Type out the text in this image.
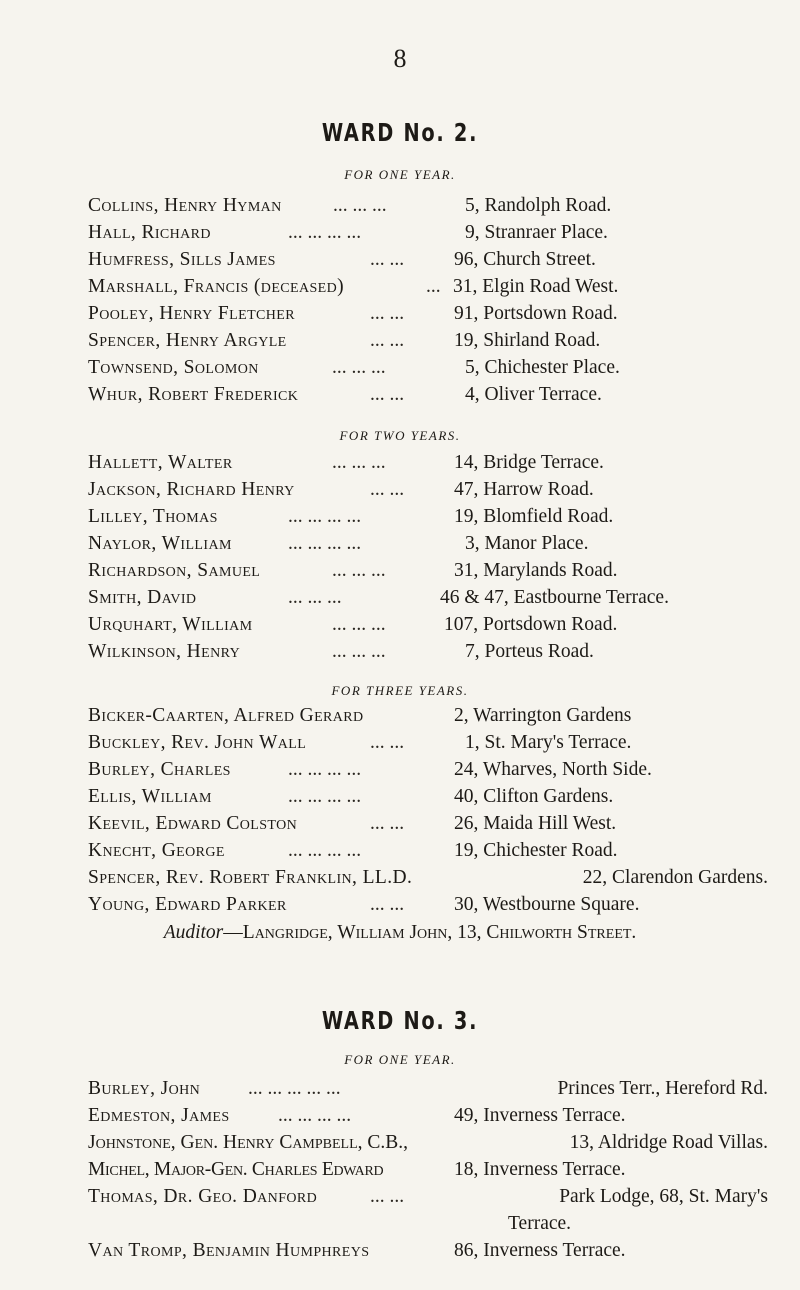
8
WARD No. 2.
FOR ONE YEAR.
Collins, Henry Hyman	... ... ...	5, Randolph Road.
Hall, Richard	... ... ... ...	9, Stranraer Place.
Humfress, Sills James	... ...	96, Church Street.
Marshall, Francis (deceased)	... 31, Elgin Road West.
Pooley, Henry Fletcher	... ...	91, Portsdown Road.
Spencer, Henry Argyle	... ...	19, Shirland Road.
Townsend, Solomon	... ... ...	5, Chichester Place.
Whur, Robert Frederick	... ...	4, Oliver Terrace.
FOR TWO YEARS.
Hallett, Walter	... ... ...	14, Bridge Terrace.
Jackson, Richard Henry	... ...	47, Harrow Road.
Lilley, Thomas	... ... ... ...	19, Blomfield Road.
Naylor, William	... ... ... ...	3, Manor Place.
Richardson, Samuel	... ... ...	31, Marylands Road.
Smith, David	... ... ...	46 & 47, Eastbourne Terrace.
Urquhart, William	... ... ...	107, Portsdown Road.
Wilkinson, Henry	... ... ...	7, Porteus Road.
FOR THREE YEARS.
Bicker-Caarten, Alfred Gerard	2, Warrington Gardens
Buckley, Rev. John Wall	... ...	1, St. Mary's Terrace.
Burley, Charles	... ... ... ...	24, Wharves, North Side.
Ellis, William	... ... ... ...	40, Clifton Gardens.
Keevil, Edward Colston	... ...	26, Maida Hill West.
Knecht, George	... ... ... ...	19, Chichester Road.
Spencer, Rev. Robert Franklin, LL.D.	22, Clarendon Gardens.
Young, Edward Parker	... ...	30, Westbourne Square.
Auditor—Langridge, William John, 13, Chilworth Street.
WARD No. 3.
FOR ONE YEAR.
Burley, John ... ... ... ... ...	Princes Terr., Hereford Rd.
Edmeston, James ... ... ... ...	49, Inverness Terrace.
Johnstone, Gen. Henry Campbell, C.B.,	13, Aldridge Road Villas.
Michel, Major-Gen. Charles Edward	18, Inverness Terrace.
Thomas, Dr. Geo. Danford	... ...	Park Lodge, 68, St. Mary's
Terrace.
Van Tromp, Benjamin Humphreys	86, Inverness Terrace.
